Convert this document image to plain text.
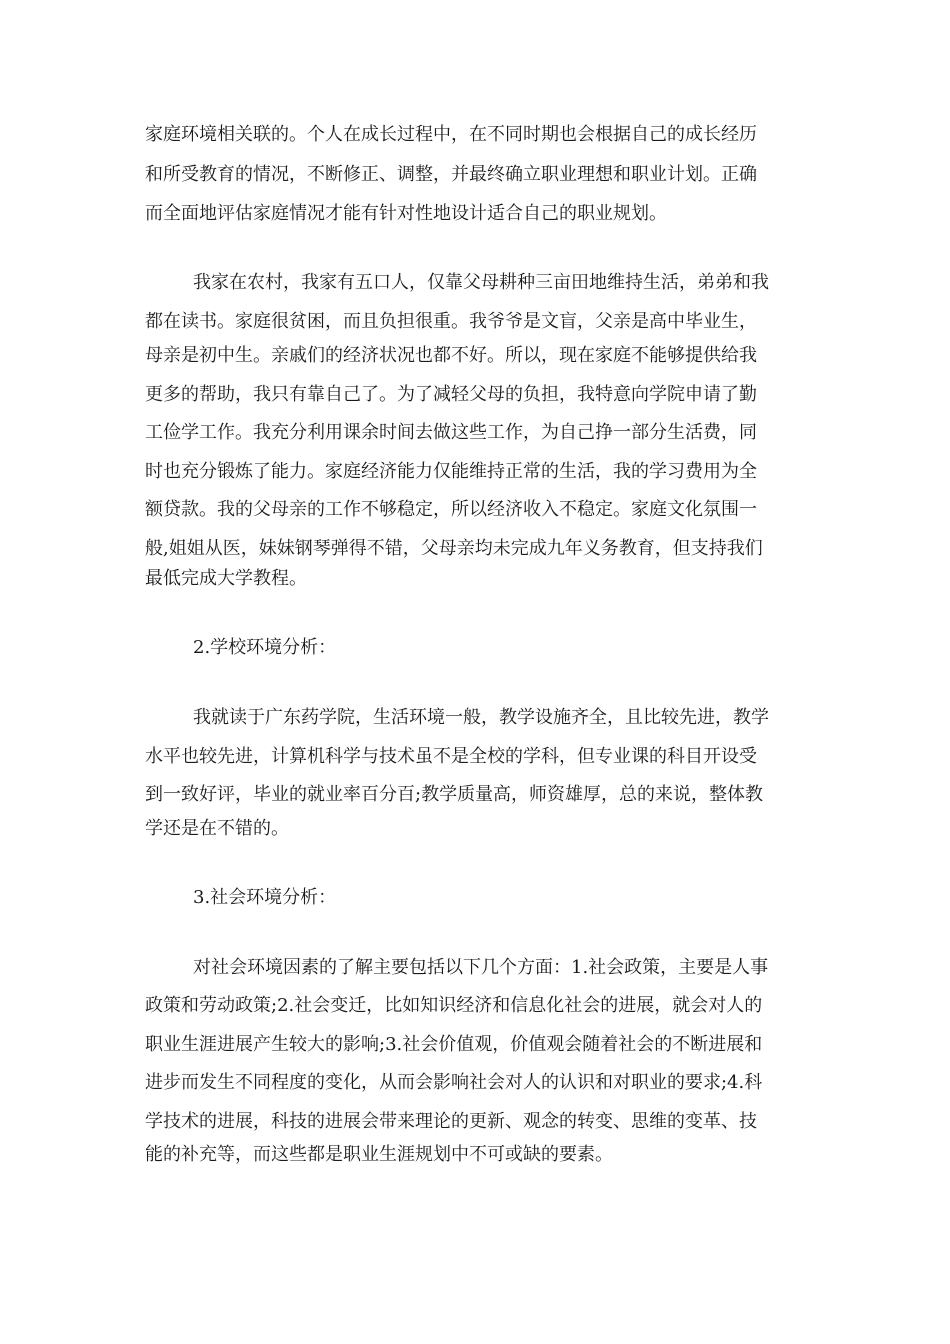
家庭环境相关联的。个人在成长过程中，在不同时期也会根据自己的成长经历
和所受教育的情况，不断修正、调整，并最终确立职业理想和职业计划。正确
而全面地评估家庭情况才能有针对性地设计适合自己的职业规划。
我家在农村，我家有五口人，仅靠父母耕种三亩田地维持生活，弟弟和我
都在读书。家庭很贫困，而且负担很重。我爷爷是文盲，父亲是高中毕业生，
母亲是初中生。亲戚们的经济状况也都不好。所以，现在家庭不能够提供给我
更多的帮助，我只有靠自己了。为了减轻父母的负担，我特意向学院申请了勤
工俭学工作。我充分利用课余时间去做这些工作，为自己挣一部分生活费，同
时也充分锻炼了能力。家庭经济能力仅能维持正常的生活，我的学习费用为全
额贷款。我的父母亲的工作不够稳定，所以经济收入不稳定。家庭文化氛围一
般,姐姐从医，妹妹钢琴弹得不错，父母亲均未完成九年义务教育，但支持我们
最低完成大学教程。
2.学校环境分析：
我就读于广东药学院，生活环境一般，教学设施齐全，且比较先进，教学
水平也较先进，计算机科学与技术虽不是全校的学科，但专业课的科目开设受
到一致好评，毕业的就业率百分百;教学质量高，师资雄厚，总的来说，整体教
学还是在不错的。
3.社会环境分析：
对社会环境因素的了解主要包括以下几个方面：1.社会政策，主要是人事
政策和劳动政策;2.社会变迁，比如知识经济和信息化社会的进展，就会对人的
职业生涯进展产生较大的影响;3.社会价值观，价值观会随着社会的不断进展和
进步而发生不同程度的变化，从而会影响社会对人的认识和对职业的要求;4.科
学技术的进展，科技的进展会带来理论的更新、观念的转变、思维的变革、技
能的补充等，而这些都是职业生涯规划中不可或缺的要素。
